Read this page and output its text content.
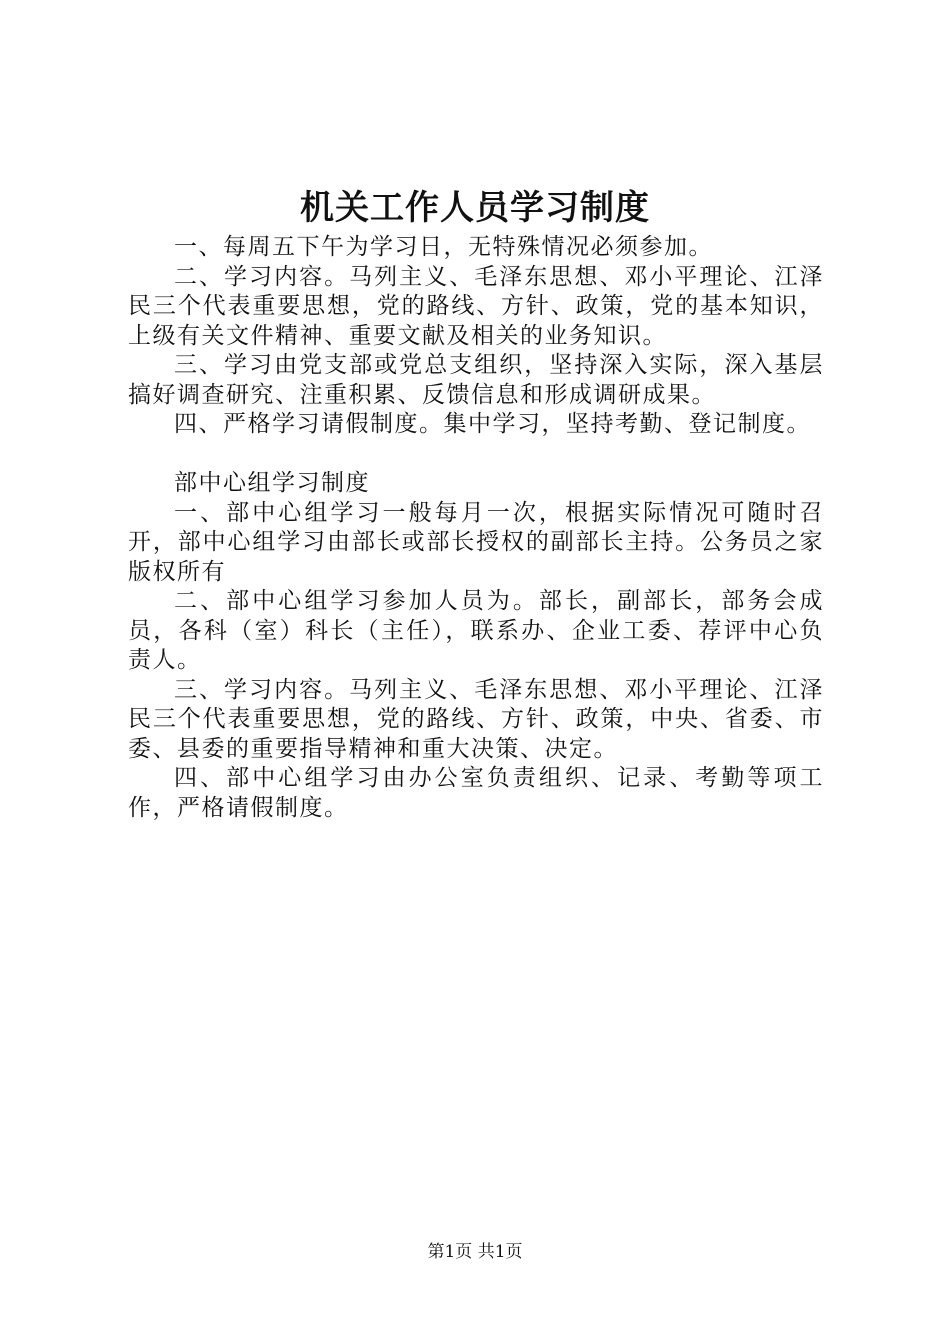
机关工作人员学习制度

一、每周五下午为学习日，无特殊情况必须参加。

二、学习内容。马列主义、毛泽东思想、邓小平理论、江泽民三个代表重要思想，党的路线、方针、政策，党的基本知识，上级有关文件精神、重要文献及相关的业务知识。

三、学习由党支部或党总支组织，坚持深入实际，深入基层搞好调查研究、注重积累、反馈信息和形成调研成果。

四、严格学习请假制度。集中学习，坚持考勤、登记制度。

部中心组学习制度

一、部中心组学习一般每月一次，根据实际情况可随时召开，部中心组学习由部长或部长授权的副部长主持。公务员之家版权所有

二、部中心组学习参加人员为。部长，副部长，部务会成员，各科（室）科长（主任），联系办、企业工委、荐评中心负责人。

三、学习内容。马列主义、毛泽东思想、邓小平理论、江泽民三个代表重要思想，党的路线、方针、政策，中央、省委、市委、县委的重要指导精神和重大决策、决定。

四、部中心组学习由办公室负责组织、记录、考勤等项工作，严格请假制度。

第1页 共1页
